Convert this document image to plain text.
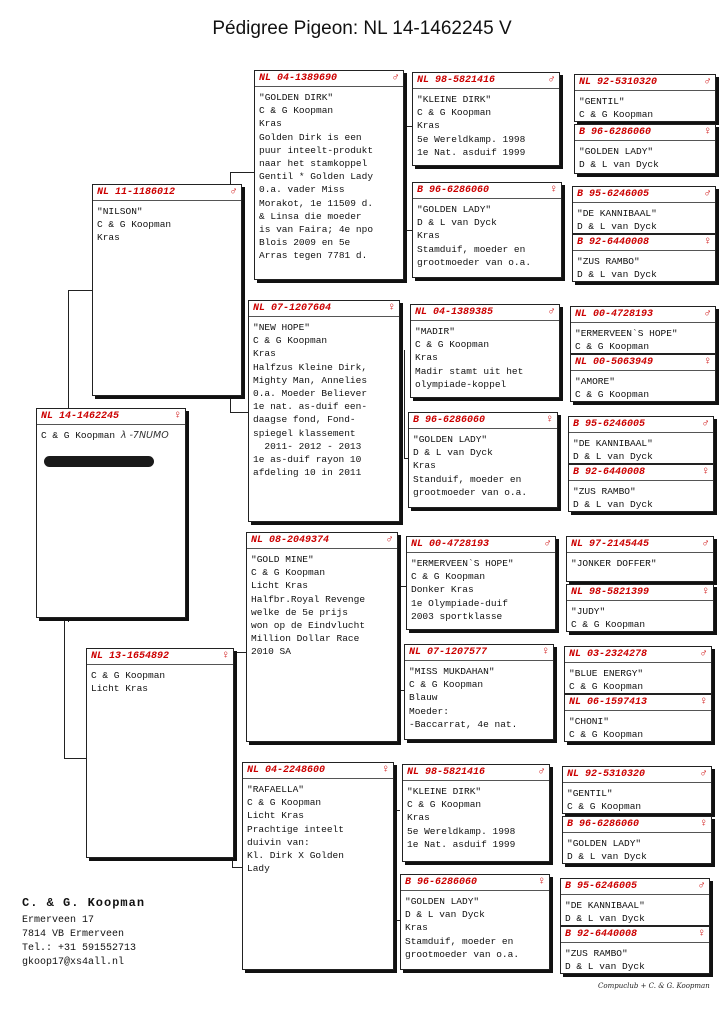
Pédigree Pigeon: NL 14-1462245 V
NL 14-1462245	♀
C & G Koopman λ -7NUMO
NL 11-1186012	♂
"NILSON"
C & G Koopman
Kras
NL 13-1654892	♀
C & G Koopman
Licht Kras
NL 04-1389690	♂
"GOLDEN DIRK"
C & G Koopman
Kras
Golden Dirk is een
puur inteelt-produkt
naar het stamkoppel
Gentil * Golden Lady
0.a. vader Miss
Morakot, 1e 11509 d.
& Linsa die moeder
is van Faira; 4e npo
Blois 2009 en 5e
Arras tegen 7781 d.
NL 07-1207604	♀
"NEW HOPE"
C & G Koopman
Kras
Halfzus Kleine Dirk,
Mighty Man, Annelies
0.a. Moeder Believer
1e nat. as-duif een-
daagse fond, Fond-
spiegel klassement
2011- 2012 - 2013
1e as-duif rayon 10
afdeling 10 in 2011
NL 08-2049374	♂
"GOLD MINE"
C & G Koopman
Licht Kras
Halfbr.Royal Revenge
welke de 5e prijs
won op de Eindvlucht
Million Dollar Race
2010 SA
NL 04-2248600	♀
"RAFAELLA"
C & G Koopman
Licht Kras
Prachtige inteelt
duivin van:
Kl. Dirk X Golden
Lady
NL 98-5821416	♂
"KLEINE DIRK"
C & G Koopman
Kras
5e Wereldkamp. 1998
1e Nat. asduif 1999
B 96-6286060	♀
"GOLDEN LADY"
D & L van Dyck
Kras
Stamduif, moeder en
grootmoeder van o.a.
NL 04-1389385	♂
"MADIR"
C & G Koopman
Kras
Madir stamt uit het
olympiade-koppel
B 96-6286060	♀
"GOLDEN LADY"
D & L van Dyck
Kras
Standuif, moeder en
grootmoeder van o.a.
NL 00-4728193	♂
"ERMERVEEN`S HOPE"
C & G Koopman
Donker Kras
1e Olympiade-duif
2003 sportklasse
NL 07-1207577	♀
"MISS MUKDAHAN"
C & G Koopman
Blauw
Moeder:
-Baccarrat, 4e nat.
NL 98-5821416	♂
"KLEINE DIRK"
C & G Koopman
Kras
5e Wereldkamp. 1998
1e Nat. asduif 1999
B 96-6286060	♀
"GOLDEN LADY"
D & L van Dyck
Kras
Stamduif, moeder en
grootmoeder van o.a.
NL 92-5310320	♂
"GENTIL"
C & G Koopman
B 96-6286060	♀
"GOLDEN LADY"
D & L van Dyck
B 95-6246005	♂
"DE KANNIBAAL"
D & L van Dyck
B 92-6440008	♀
"ZUS RAMBO"
D & L van Dyck
NL 00-4728193	♂
"ERMERVEEN`S HOPE"
C & G Koopman
NL 00-5063949	♀
"AMORE"
C & G Koopman
B 95-6246005	♂
"DE KANNIBAAL"
D & L van Dyck
B 92-6440008	♀
"ZUS RAMBO"
D & L van Dyck
NL 97-2145445	♂
"JONKER DOFFER"
NL 98-5821399	♀
"JUDY"
C & G Koopman
NL 03-2324278	♂
"BLUE ENERGY"
C & G Koopman
NL 06-1597413	♀
"CHONI"
C & G Koopman
NL 92-5310320	♂
"GENTIL"
C & G Koopman
B 96-6286060	♀
"GOLDEN LADY"
D & L van Dyck
B 95-6246005	♂
"DE KANNIBAAL"
D & L van Dyck
B 92-6440008	♀
"ZUS RAMBO"
D & L van Dyck
C. & G. Koopman
Ermerveen 17
7814 VB Ermerveen
Tel.: +31 591552713
gkoop17@xs4all.nl
Compuclub + C. & G. Koopman
